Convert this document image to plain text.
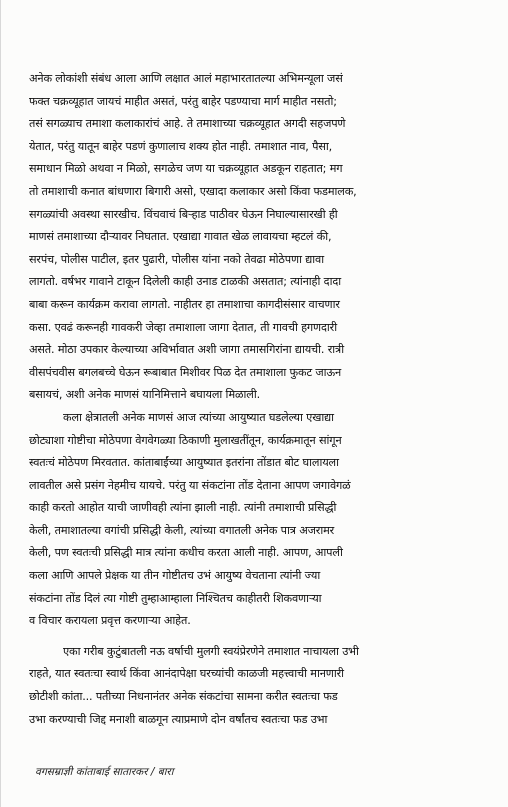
अनेक लोकांशी संबंध आला आणि लक्षात आलं महाभारतातल्या अभिमन्यूला जसं
फक्त चक्रव्यूहात जायचं माहीत असतं, परंतु बाहेर पडण्याचा मार्ग माहीत नसतो;
तसं सगळ्याच तमाशा कलाकारांचं आहे. ते तमाशाच्या चक्रव्यूहात अगदी सहजपणे
येतात, परंतु यातून बाहेर पडणं कुणालाच शक्य होत नाही. तमाशात नाव, पैसा,
समाधान मिळो अथवा न मिळो, सगळेच जण या चक्रव्यूहात अडकून राहतात; मग
तो तमाशाची कनात बांधणारा बिगारी असो, एखादा कलाकार असो किंवा फडमालक,
सगळ्यांची अवस्था सारखीच. विंचवाचं बिऱ्हाड पाठीवर घेऊन निघाल्यासारखी ही
माणसं तमाशाच्या दौऱ्यावर निघतात. एखाद्या गावात खेळ लावायचा म्हटलं की,
सरपंच, पोलीस पाटील, इतर पुढारी, पोलीस यांना नको तेवढा मोठेपणा द्यावा
लागतो. वर्षभर गावाने टाकून दिलेली काही उनाड टाळकी असतात; त्यांनाही दादा
बाबा करून कार्यक्रम करावा लागतो. नाहीतर हा तमाशाचा कागदीसंसार वाचणार
कसा. एवढं करूनही गावकरी जेव्हा तमाशाला जागा देतात, ती गावची हगणदारी
असते. मोठा उपकार केल्याच्या अविर्भावात अशी जागा तमासगिरांना द्यायची. रात्री
वीसपंचवीस बगलबच्चे घेऊन रूबाबात मिशीवर पिळ देत तमाशाला फुकट जाऊन
बसायचं, अशी अनेक माणसं यानिमित्ताने बघायला मिळाली.
कला क्षेत्रातली अनेक माणसं आज त्यांच्या आयुष्यात घडलेल्या एखाद्या
छोट्याशा गोष्टीचा मोठेपणा वेगवेगळ्या ठिकाणी मुलाखतींतून, कार्यक्रमातून सांगून
स्वतःचं मोठेपण मिरवतात. कांताबाईंच्या आयुष्यात इतरांना तोंडात बोट घालायला
लावतील असे प्रसंग नेहमीच यायचे. परंतु या संकटांना तोंड देताना आपण जगावेगळं
काही करतो आहोत याची जाणीवही त्यांना झाली नाही. त्यांनी तमाशाची प्रसिद्धी
केली, तमाशातल्या वगांची प्रसिद्धी केली, त्यांच्या वगातली अनेक पात्र अजरामर
केली, पण स्वतःची प्रसिद्धी मात्र त्यांना कधीच करता आली नाही. आपण, आपली
कला आणि आपले प्रेक्षक या तीन गोष्टीतच उभं आयुष्य वेचताना त्यांनी ज्या
संकटांना तोंड दिलं त्या गोष्टी तुम्हाआम्हाला निश्चितच काहीतरी शिकवणाऱ्या
व विचार करायला प्रवृत्त करणाऱ्या आहेत.
एका गरीब कुटुंबातली नऊ वर्षाची मुलगी स्वयंप्रेरणेने तमाशात नाचायला उभी
राहते, यात स्वतःचा स्वार्थ किंवा आनंदापेक्षा घरच्यांची काळजी महत्त्वाची मानणारी
छोटीशी कांता... पतीच्या निधनानंतर अनेक संकटांचा सामना करीत स्वतःचा फड
उभा करण्याची जिद्द मनाशी बाळगून त्याप्रमाणे दोन वर्षांतच स्वतःचा फड उभा
वगसम्राज्ञी कांताबाई सातारकर / बारा
